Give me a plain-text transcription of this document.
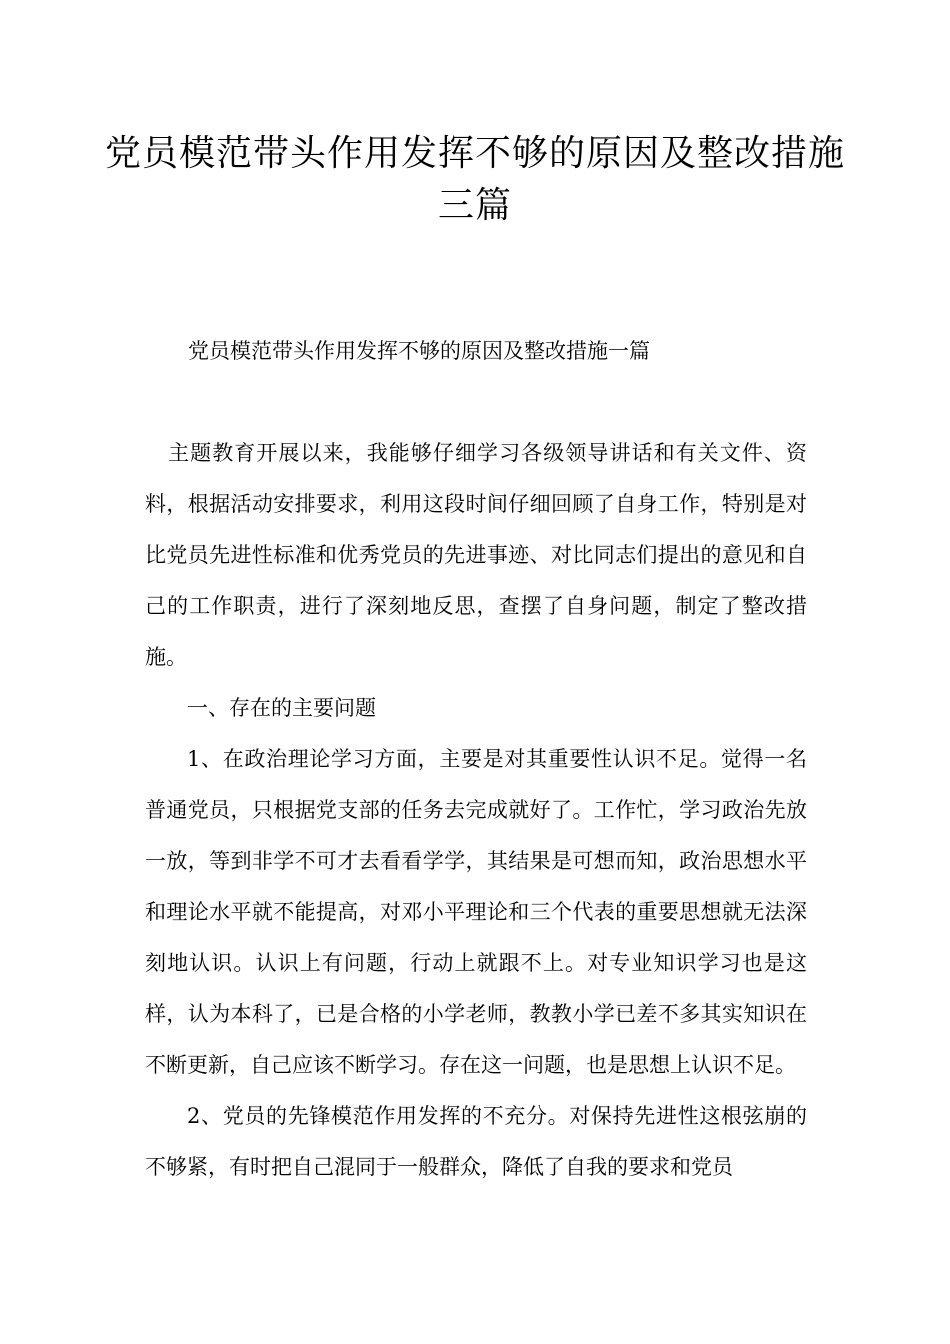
党员模范带头作用发挥不够的原因及整改措施三篇

党员模范带头作用发挥不够的原因及整改措施一篇

主题教育开展以来，我能够仔细学习各级领导讲话和有关文件、资料，根据活动安排要求，利用这段时间仔细回顾了自身工作，特别是对比党员先进性标准和优秀党员的先进事迹、对比同志们提出的意见和自己的工作职责，进行了深刻地反思，查摆了自身问题，制定了整改措施。

一、存在的主要问题

1、在政治理论学习方面，主要是对其重要性认识不足。觉得一名普通党员，只根据党支部的任务去完成就好了。工作忙，学习政治先放一放，等到非学不可才去看看学学，其结果是可想而知，政治思想水平和理论水平就不能提高，对邓小平理论和三个代表的重要思想就无法深刻地认识。认识上有问题，行动上就跟不上。对专业知识学习也是这样，认为本科了，已是合格的小学老师，教教小学已差不多其实知识在不断更新，自己应该不断学习。存在这一问题，也是思想上认识不足。

2、党员的先锋模范作用发挥的不充分。对保持先进性这根弦崩的不够紧，有时把自己混同于一般群众，降低了自我的要求和党员
